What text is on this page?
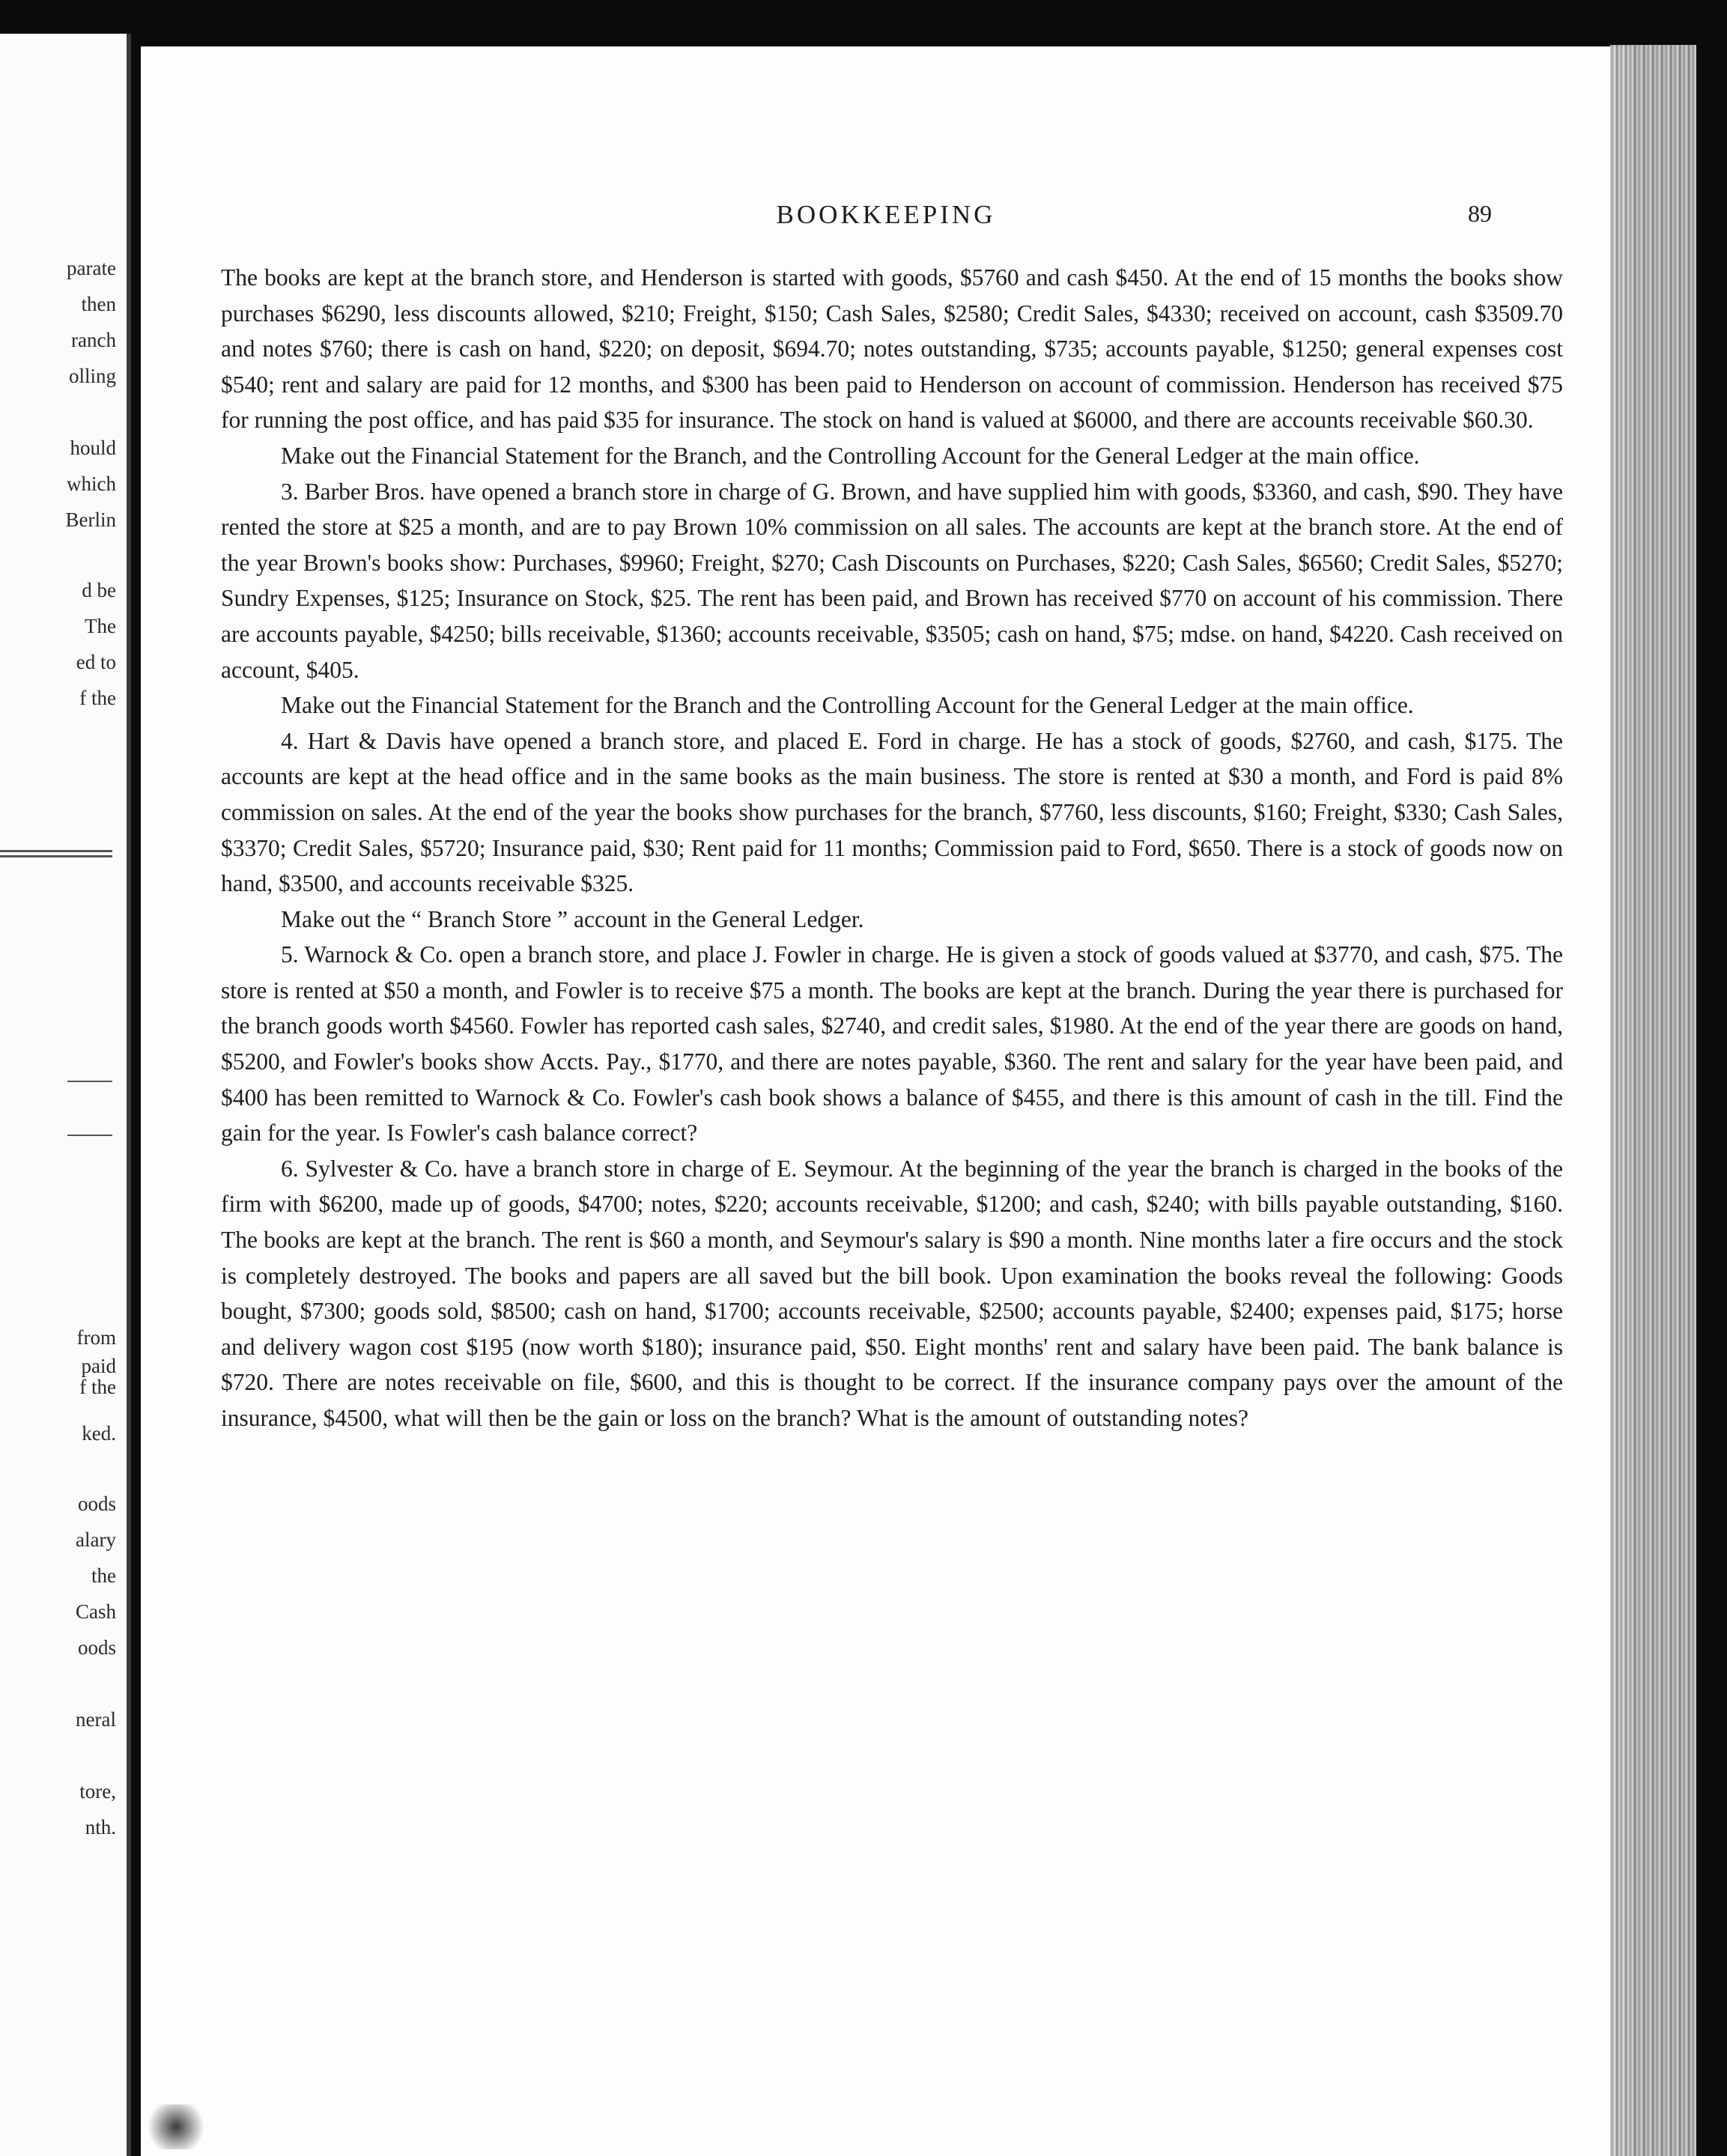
parate
then
ranch
olling
hould
which
Berlin
d be
The
ed to
f the
from
paid
f the
ked.
oods
alary
the
Cash
oods
neral
tore,
nth.
BOOKKEEPING	89

The books are kept at the branch store, and Henderson is started with goods, $5760 and cash $450. At the end of 15 months the books show purchases $6290, less discounts allowed, $210; Freight, $150; Cash Sales, $2580; Credit Sales, $4330; received on account, cash $3509.70 and notes $760; there is cash on hand, $220; on deposit, $694.70; notes outstanding, $735; accounts payable, $1250; general expenses cost $540; rent and salary are paid for 12 months, and $300 has been paid to Henderson on account of commission. Henderson has received $75 for running the post office, and has paid $35 for insurance. The stock on hand is valued at $6000, and there are accounts receivable $60.30.

Make out the Financial Statement for the Branch, and the Controlling Account for the General Ledger at the main office.

3. Barber Bros. have opened a branch store in charge of G. Brown, and have supplied him with goods, $3360, and cash, $90. They have rented the store at $25 a month, and are to pay Brown 10% commission on all sales. The accounts are kept at the branch store. At the end of the year Brown's books show: Purchases, $9960; Freight, $270; Cash Discounts on Purchases, $220; Cash Sales, $6560; Credit Sales, $5270; Sundry Expenses, $125; Insurance on Stock, $25. The rent has been paid, and Brown has received $770 on account of his commission. There are accounts payable, $4250; bills receivable, $1360; accounts receivable, $3505; cash on hand, $75; mdse. on hand, $4220. Cash received on account, $405.

Make out the Financial Statement for the Branch and the Controlling Account for the General Ledger at the main office.

4. Hart & Davis have opened a branch store, and placed E. Ford in charge. He has a stock of goods, $2760, and cash, $175. The accounts are kept at the head office and in the same books as the main business. The store is rented at $30 a month, and Ford is paid 8% commission on sales. At the end of the year the books show purchases for the branch, $7760, less discounts, $160; Freight, $330; Cash Sales, $3370; Credit Sales, $5720; Insurance paid, $30; Rent paid for 11 months; Commission paid to Ford, $650. There is a stock of goods now on hand, $3500, and accounts receivable $325.

Make out the “ Branch Store ” account in the General Ledger.

5. Warnock & Co. open a branch store, and place J. Fowler in charge. He is given a stock of goods valued at $3770, and cash, $75. The store is rented at $50 a month, and Fowler is to receive $75 a month. The books are kept at the branch. During the year there is purchased for the branch goods worth $4560. Fowler has reported cash sales, $2740, and credit sales, $1980. At the end of the year there are goods on hand, $5200, and Fowler's books show Accts. Pay., $1770, and there are notes payable, $360. The rent and salary for the year have been paid, and $400 has been remitted to Warnock & Co. Fowler's cash book shows a balance of $455, and there is this amount of cash in the till. Find the gain for the year. Is Fowler's cash balance correct?

6. Sylvester & Co. have a branch store in charge of E. Seymour. At the beginning of the year the branch is charged in the books of the firm with $6200, made up of goods, $4700; notes, $220; accounts receivable, $1200; and cash, $240; with bills payable outstanding, $160. The books are kept at the branch. The rent is $60 a month, and Seymour's salary is $90 a month. Nine months later a fire occurs and the stock is completely destroyed. The books and papers are all saved but the bill book. Upon examination the books reveal the following: Goods bought, $7300; goods sold, $8500; cash on hand, $1700; accounts receivable, $2500; accounts payable, $2400; expenses paid, $175; horse and delivery wagon cost $195 (now worth $180); insurance paid, $50. Eight months' rent and salary have been paid. The bank balance is $720. There are notes receivable on file, $600, and this is thought to be correct. If the insurance company pays over the amount of the insurance, $4500, what will then be the gain or loss on the branch? What is the amount of outstanding notes?
